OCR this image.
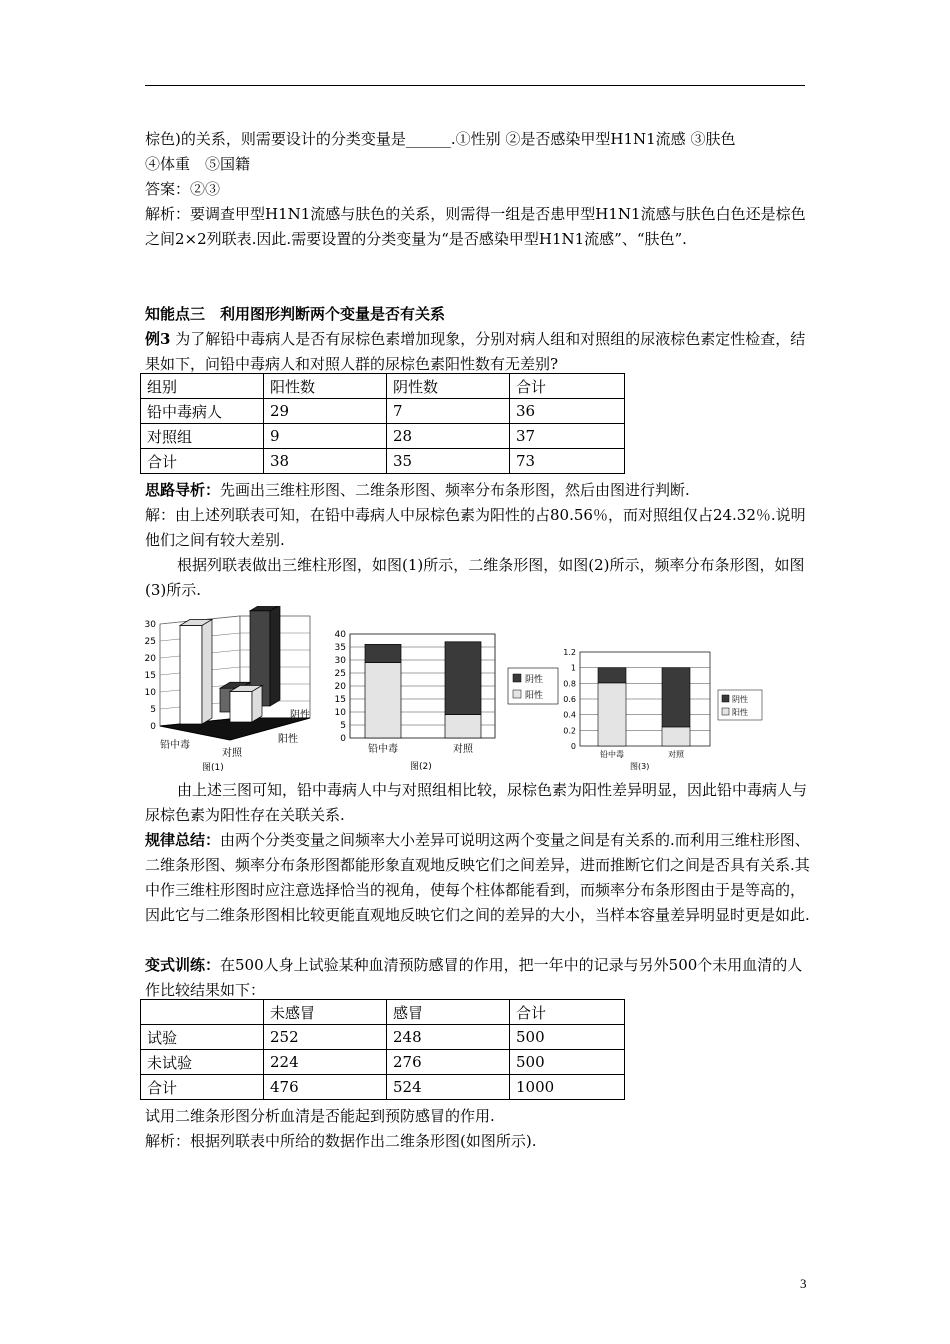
棕色)的关系，则需要设计的分类变量是______.①性别 ②是否感染甲型H1N1流感 ③肤色
④体重　⑤国籍

答案：②③

解析：要调查甲型H1N1流感与肤色的关系，则需得一组是否患甲型H1N1流感与肤色白色还是棕色之间2×2列联表.因此.需要设置的分类变量为“是否感染甲型H1N1流感”、“肤色”.

知能点三　利用图形判断两个变量是否有关系

例3 为了解铅中毒病人是否有尿棕色素增加现象，分别对病人组和对照组的尿液棕色素定性检查，结果如下，问铅中毒病人和对照人群的尿棕色素阳性数有无差别?

组别	阳性数	阴性数	合计
铅中毒病人	29	7	36
对照组	9	28	37
合计	38	35	73

思路导析：先画出三维柱形图、二维条形图、频率分布条形图，然后由图进行判断.

解：由上述列联表可知，在铅中毒病人中尿棕色素为阳性的占80.56％，而对照组仅占24.32％.说明他们之间有较大差别.

根据列联表做出三维柱形图，如图(1)所示，二维条形图，如图(2)所示，频率分布条形图，如图(3)所示.

30
25
20
15
10
5
0
铅中毒
对照
阴性
阳性
图(1)
40
35
30
25
20
15
10
5
0
铅中毒	对照
阴性
阳性
图(2)
1.2
1
0.8
0.6
0.4
0.2
0
铅中毒	对照
阴性
阳性
图(3)

由上述三图可知，铅中毒病人中与对照组相比较，尿棕色素为阳性差异明显，因此铅中毒病人与尿棕色素为阳性存在关联关系.

规律总结：由两个分类变量之间频率大小差异可说明这两个变量之间是有关系的.而利用三维柱形图、二维条形图、频率分布条形图都能形象直观地反映它们之间差异，进而推断它们之间是否具有关系.其中作三维柱形图时应注意选择恰当的视角，使每个柱体都能看到，而频率分布条形图由于是等高的，因此它与二维条形图相比较更能直观地反映它们之间的差异的大小，当样本容量差异明显时更是如此.

变式训练：在500人身上试验某种血清预防感冒的作用，把一年中的记录与另外500个未用血清的人作比较结果如下：

	未感冒	感冒	合计
试验	252	248	500
未试验	224	276	500
合计	476	524	1000

试用二维条形图分析血清是否能起到预防感冒的作用.

解析：根据列联表中所给的数据作出二维条形图(如图所示).

3
